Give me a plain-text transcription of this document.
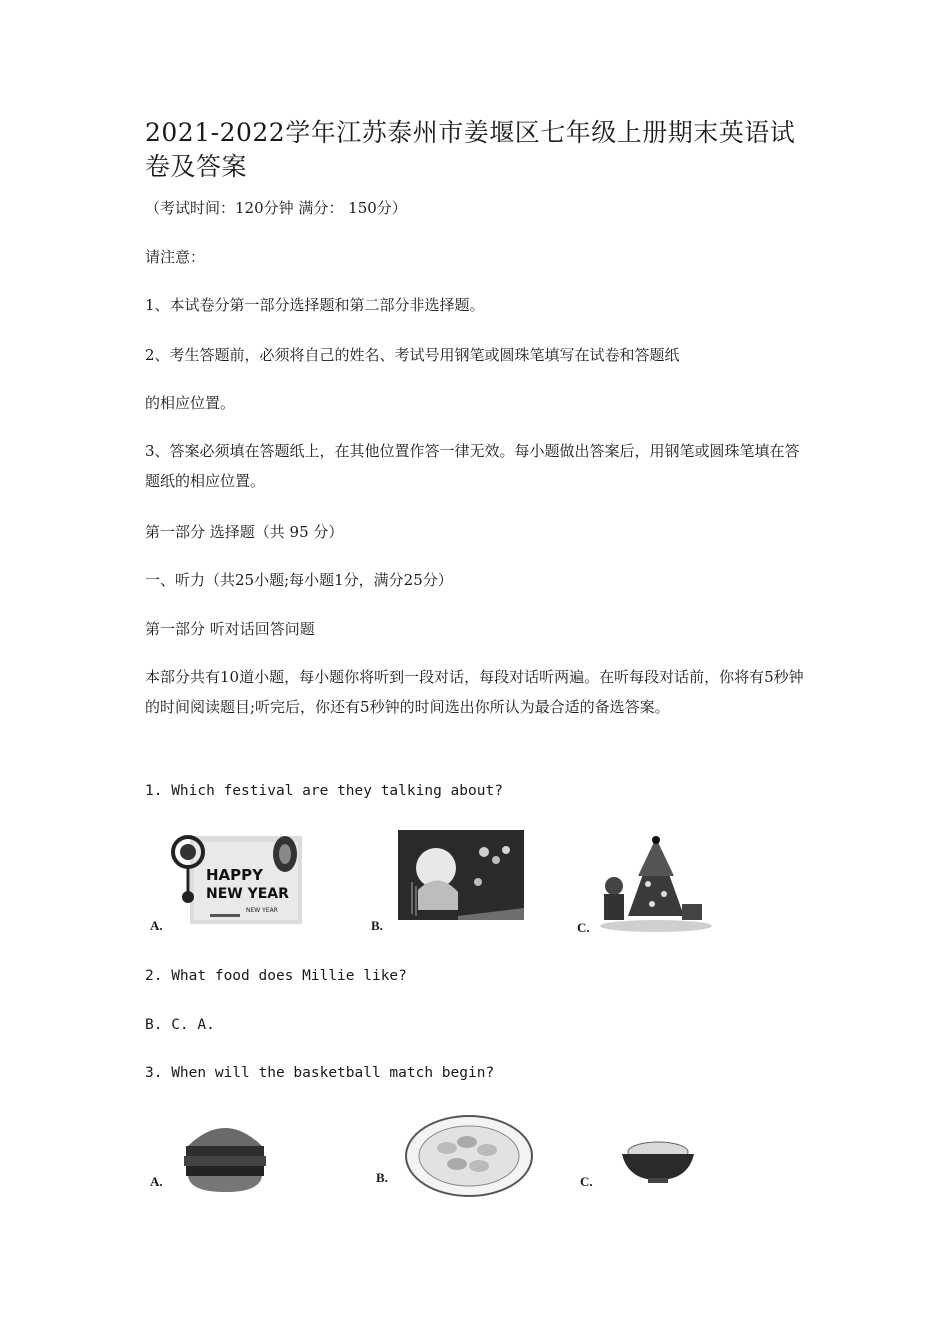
2021-2022学年江苏泰州市姜堰区七年级上册期末英语试卷及答案
（考试时间：120分钟 满分： 150分）
请注意：
1、本试卷分第一部分选择题和第二部分非选择题。
2、考生答题前，必须将自己的姓名、考试号用钢笔或圆珠笔填写在试卷和答题纸
的相应位置。
3、答案必须填在答题纸上，在其他位置作答一律无效。每小题做出答案后，用钢笔或圆珠笔填在答题纸的相应位置。
第一部分 选择题（共 95 分）
一、听力（共25小题;每小题1分，满分25分）
第一部分 听对话回答问题
本部分共有10道小题，每小题你将听到一段对话，每段对话听两遍。在听每段对话前，你将有5秒钟的时间阅读题目;听完后，你还有5秒钟的时间选出你所认为最合适的备选答案。
1. Which festival are they talking about?
HAPPY
NEW YEAR
NEW YEAR
A.	B.	C.
2. What food does Millie like?
B. C. A.
3. When will the basketball match begin?
A.	B.	C.
